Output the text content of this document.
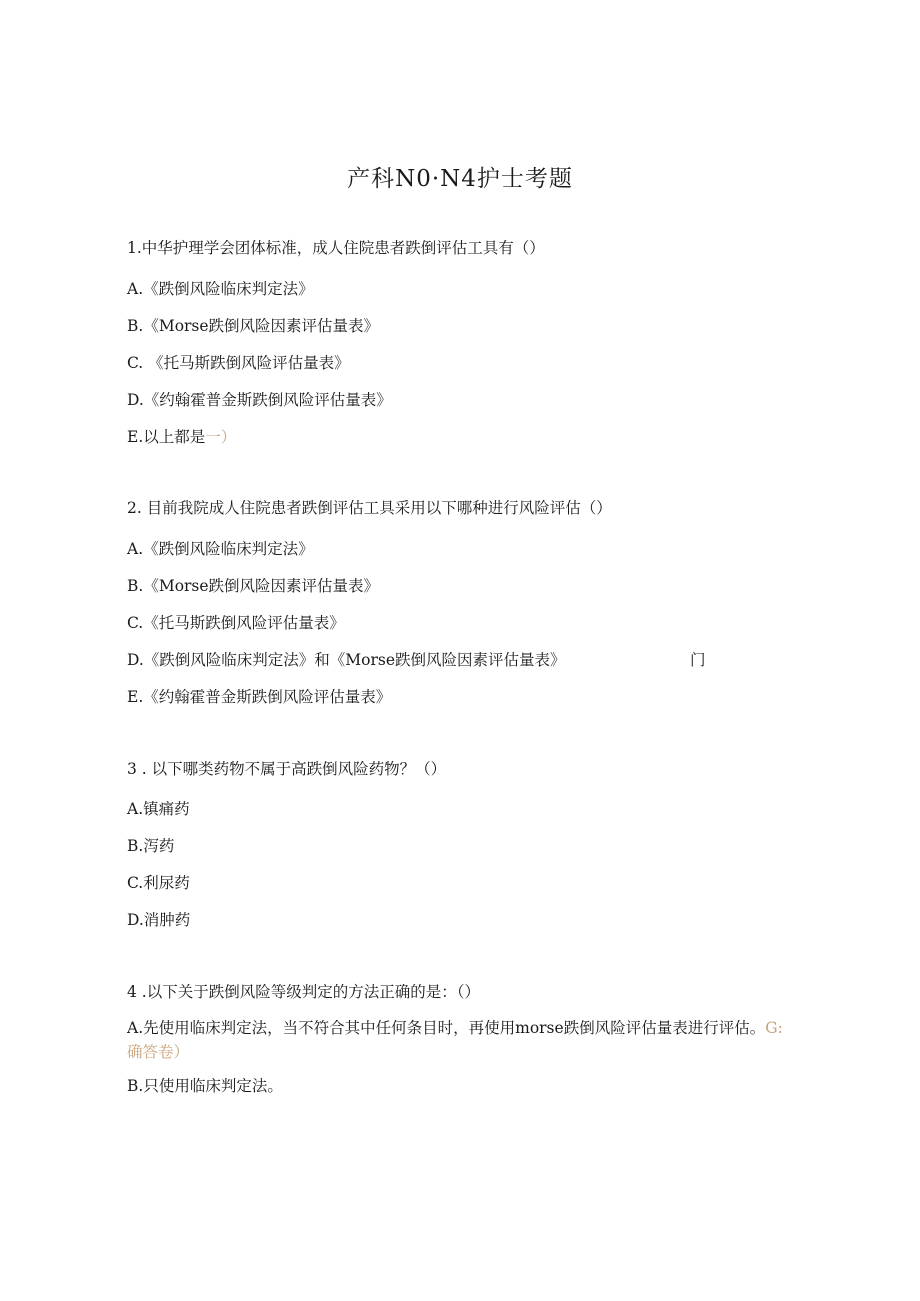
产科N0·N4护士考题
1.中华护理学会团体标准，成人住院患者跌倒评估工具有（）
A.《跌倒风险临床判定法》
B.《Morse跌倒风险因素评估量表》
C. 《托马斯跌倒风险评估量表》
D.《约翰霍普金斯跌倒风险评估量表》
E.以上都是一）
2. 目前我院成人住院患者跌倒评估工具采用以下哪种进行风险评估（）
A.《跌倒风险临床判定法》
B.《Morse跌倒风险因素评估量表》
C.《托马斯跌倒风险评估量表》
D.《跌倒风险临床判定法》和《Morse跌倒风险因素评估量表》	门
E.《约翰霍普金斯跌倒风险评估量表》
3 . 以下哪类药物不属于高跌倒风险药物？（）
A.镇痛药
B.泻药
C.利尿药
D.消肿药
4 .以下关于跌倒风险等级判定的方法正确的是：（）
A.先使用临床判定法，当不符合其中任何条目时，再使用morse跌倒风险评估量表进行评估。G:确答卷）
B.只使用临床判定法。
